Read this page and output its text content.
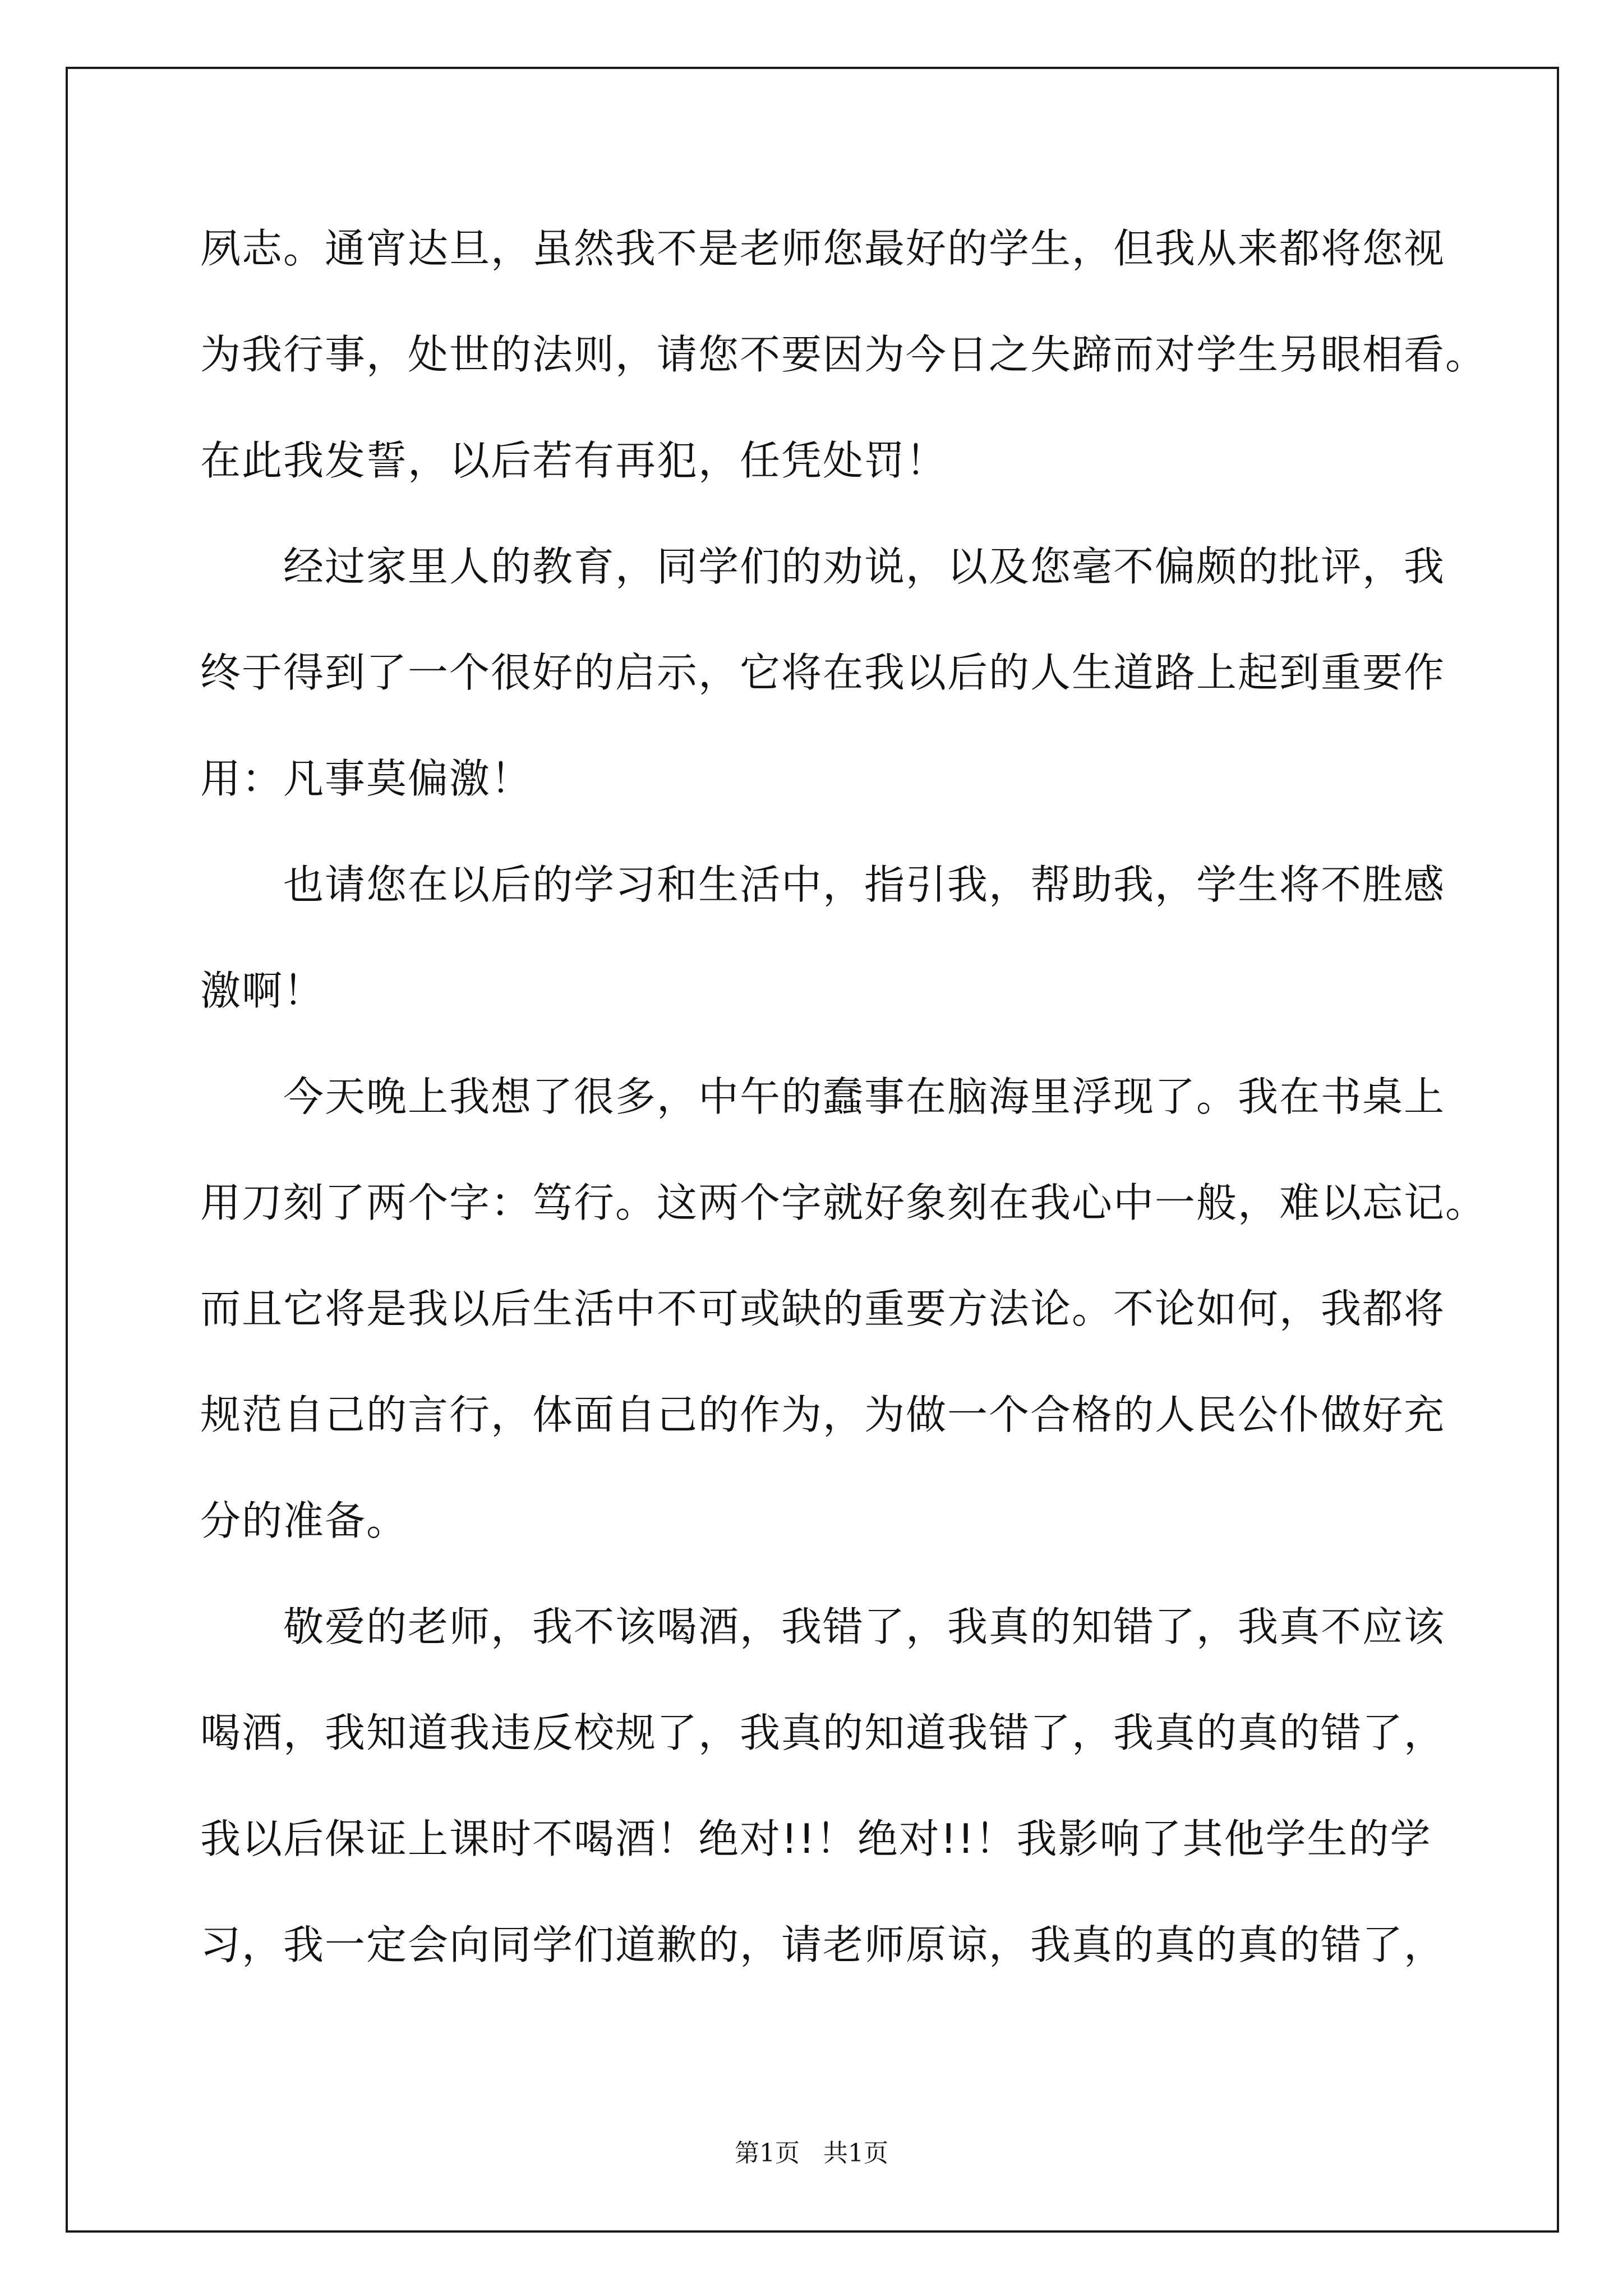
夙志。通宵达旦，虽然我不是老师您最好的学生，但我从来都将您视
为我行事，处世的法则，请您不要因为今日之失蹄而对学生另眼相看。
在此我发誓，以后若有再犯，任凭处罚！
经过家里人的教育，同学们的劝说，以及您毫不偏颇的批评，我
终于得到了一个很好的启示，它将在我以后的人生道路上起到重要作
用：凡事莫偏激！
也请您在以后的学习和生活中，指引我，帮助我，学生将不胜感
激啊！
今天晚上我想了很多，中午的蠢事在脑海里浮现了。我在书桌上
用刀刻了两个字：笃行。这两个字就好象刻在我心中一般，难以忘记。
而且它将是我以后生活中不可或缺的重要方法论。不论如何，我都将
规范自己的言行，体面自己的作为，为做一个合格的人民公仆做好充
分的准备。
敬爱的老师，我不该喝酒，我错了，我真的知错了，我真不应该
喝酒，我知道我违反校规了，我真的知道我错了，我真的真的错了，
我以后保证上课时不喝酒！绝对!!！绝对!!！我影响了其他学生的学
习，我一定会向同学们道歉的，请老师原谅，我真的真的真的错了，
第1页   共1页
